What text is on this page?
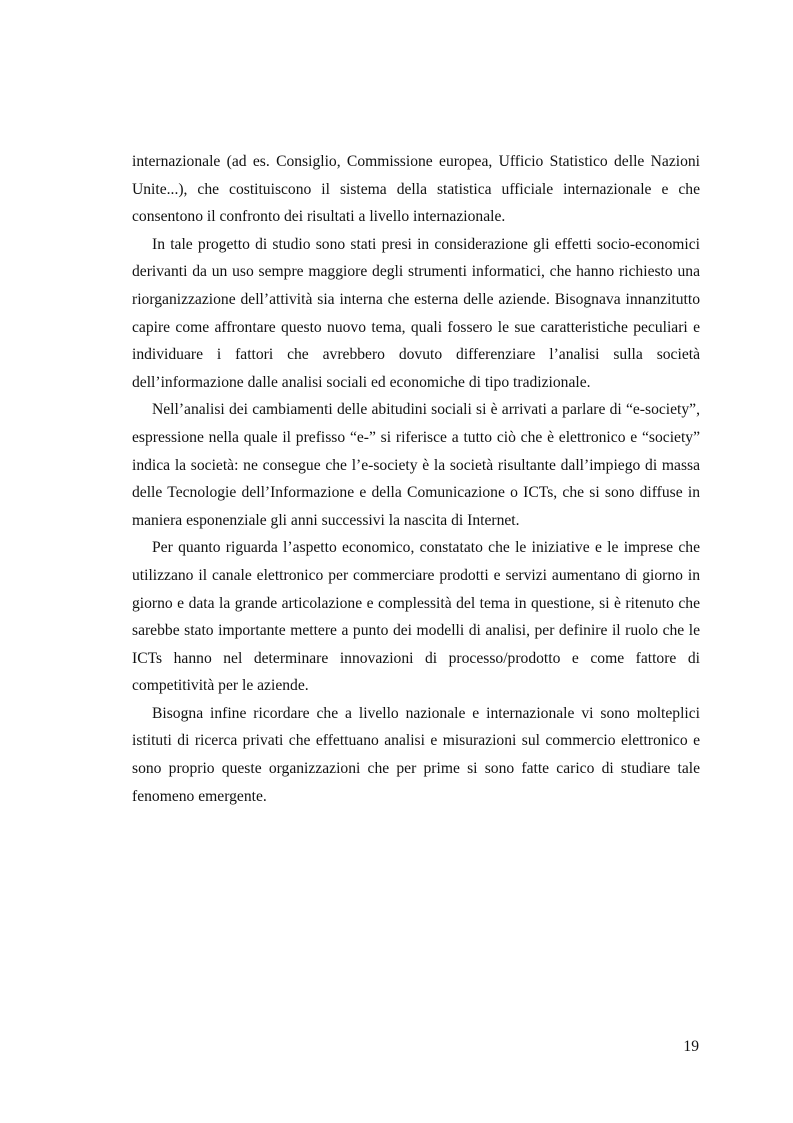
internazionale (ad es. Consiglio, Commissione europea, Ufficio Statistico delle Nazioni Unite...), che costituiscono il sistema della statistica ufficiale internazionale e che consentono il confronto dei risultati a livello internazionale.

In tale progetto di studio sono stati presi in considerazione gli effetti socio-economici derivanti da un uso sempre maggiore degli strumenti informatici, che hanno richiesto una riorganizzazione dell’attività sia interna che esterna delle aziende. Bisognava innanzitutto capire come affrontare questo nuovo tema, quali fossero le sue caratteristiche peculiari e individuare i fattori che avrebbero dovuto differenziare l’analisi sulla società dell’informazione dalle analisi sociali ed economiche di tipo tradizionale.

Nell’analisi dei cambiamenti delle abitudini sociali si è arrivati a parlare di “e-society”, espressione nella quale il prefisso “e-” si riferisce a tutto ciò che è elettronico e “society” indica la società: ne consegue che l’e-society è la società risultante dall’impiego di massa delle Tecnologie dell’Informazione e della Comunicazione o ICTs, che si sono diffuse in maniera esponenziale gli anni successivi la nascita di Internet.

Per quanto riguarda l’aspetto economico, constatato che le iniziative e le imprese che utilizzano il canale elettronico per commerciare prodotti e servizi aumentano di giorno in giorno e data la grande articolazione e complessità del tema in questione, si è ritenuto che sarebbe stato importante mettere a punto dei modelli di analisi, per definire il ruolo che le ICTs hanno nel determinare innovazioni di processo/prodotto e come fattore di competitività per le aziende.

Bisogna infine ricordare che a livello nazionale e internazionale vi sono molteplici istituti di ricerca privati che effettuano analisi e misurazioni sul commercio elettronico e sono proprio queste organizzazioni che per prime si sono fatte carico di studiare tale fenomeno emergente.

19
